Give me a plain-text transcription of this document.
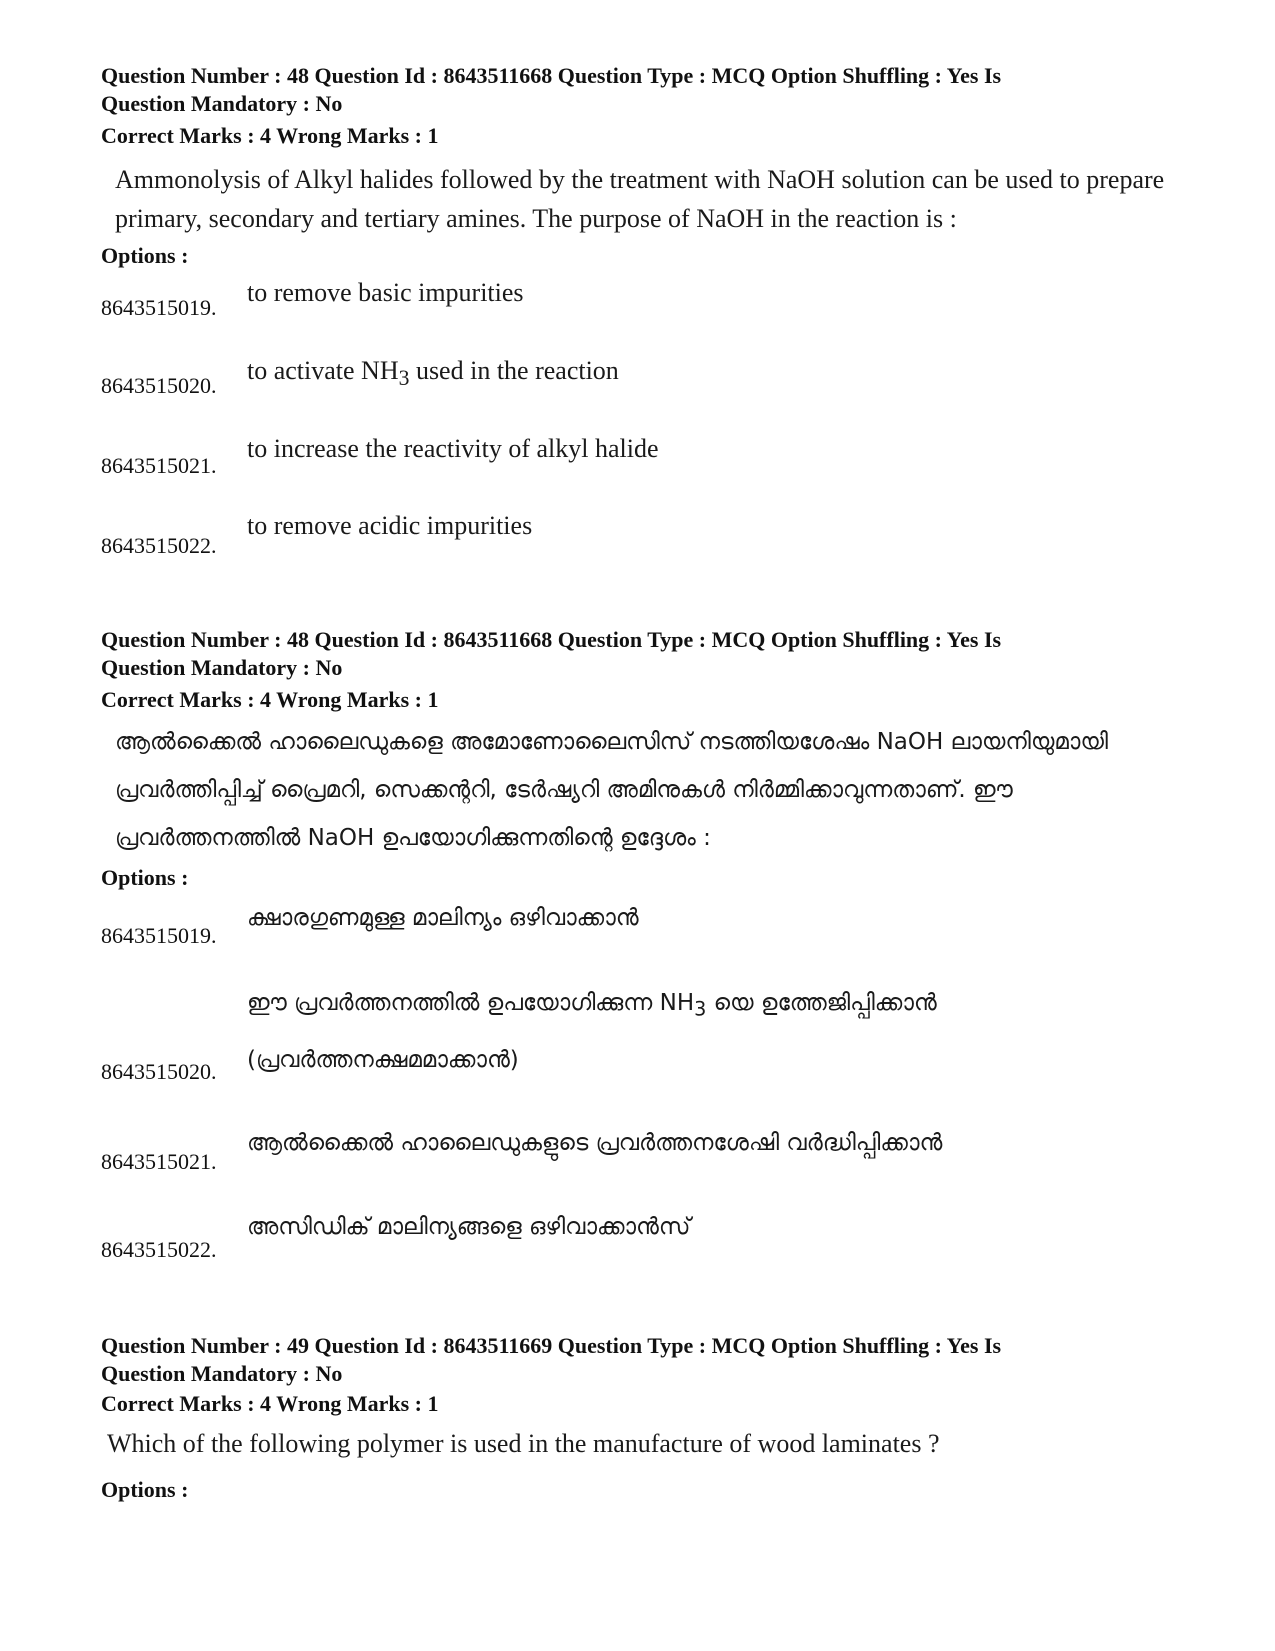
Question Number : 48 Question Id : 8643511668 Question Type : MCQ Option Shuffling : Yes Is
Question Mandatory : No

Correct Marks : 4 Wrong Marks : 1

Ammonolysis of Alkyl halides followed by the treatment with NaOH solution can be used to prepare primary, secondary and tertiary amines. The purpose of NaOH in the reaction is :

Options :

8643515019.

to remove basic impurities

8643515020.

to activate $NH_3$ used in the reaction

8643515021.

to increase the reactivity of alkyl halide

8643515022.

to remove acidic impurities

Question Number : 48 Question Id : 8643511668 Question Type : MCQ Option Shuffling : Yes Is
Question Mandatory : No

Correct Marks : 4 Wrong Marks : 1

ആൽക്കൈൽ ഹാലൈഡുകളെ അമോണോലൈസിസ് നടത്തിയശേഷം NaOH ലായനിയുമായി പ്രവർത്തിപ്പിച്ച് പ്രൈമറി, സെക്കന്ററി, ടേർഷ്യറി അമിനുകൾ നിർമ്മിക്കാവുന്നതാണ്. ഈ പ്രവർത്തനത്തിൽ NaOH ഉപയോഗിക്കുന്നതിന്റെ ഉദ്ദേശം :

Options :

8643515019.

ക്ഷാരഗുണമുള്ള മാലിന്യം ഒഴിവാക്കാൻ

8643515020.

ഈ പ്രവർത്തനത്തിൽ ഉപയോഗിക്കുന്ന $NH_3$ യെ ഉത്തേജിപ്പിക്കാൻ (പ്രവർത്തനക്ഷമമാക്കാൻ)

8643515021.

ആൽക്കൈൽ ഹാലൈഡുകളുടെ പ്രവർത്തനശേഷി വർദ്ധിപ്പിക്കാൻ

8643515022.

അസിഡിക് മാലിന്യങ്ങളെ ഒഴിവാക്കാൻസ്

Question Number : 49 Question Id : 8643511669 Question Type : MCQ Option Shuffling : Yes Is
Question Mandatory : No

Correct Marks : 4 Wrong Marks : 1

Which of the following polymer is used in the manufacture of wood laminates ?

Options :
